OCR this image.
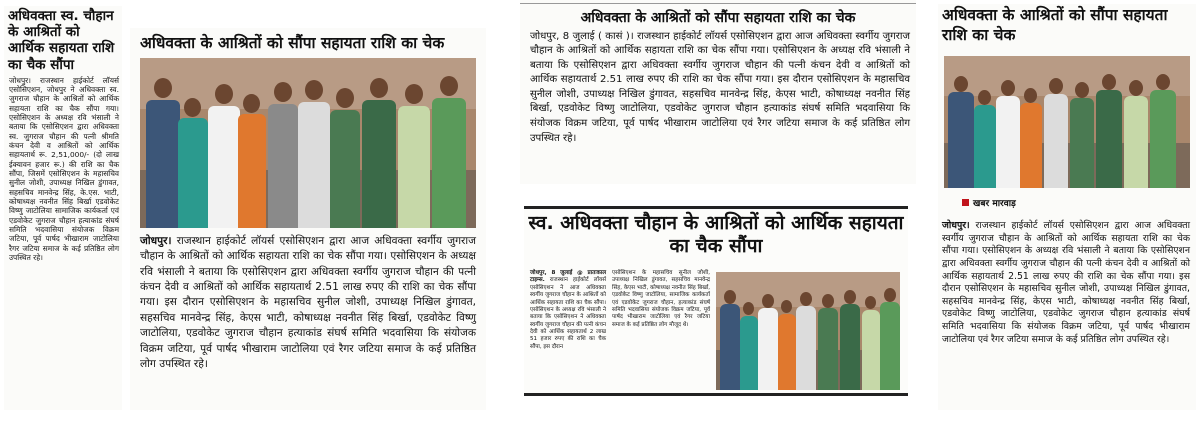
अधिवक्ता स्व. चौहान के आश्रितों को आर्थिक सहायता राशि का चैक सौंपा

जोधपुर। राजस्थान हाईकोर्ट लॉयर्स एसोसिएशन, जोधपुर ने अधिवक्ता स्व. जुगराज चौहान के आश्रितों को आर्थिक सहायता राशि का चैक सौंपा गया। एसोसिएशन के अध्यक्ष रवि भंसाली ने बताया कि एसोसिएशन द्वारा अधिवक्ता स्व. जुगराज चौहान की पत्नी श्रीमति कंचन देवी व आश्रितों को आर्थिक सहायतार्थ रू. 2,51,000/- (दो लाख ईक्यावन हजार रू.) की राशि का चैक सौंपा, जिसमें एसोसिएशन के महासचिव सुनील जोशी, उपाध्यक्ष निखिल डुंगावत, सहसचिव मानवेन्द्र सिंह, के.एस. भाटी, कोषाध्यक्ष नवनीत सिंह बिर्खा एडवोकेट विष्णु जाटोलिया सामाजिक कार्यकर्ता एवं एडवोकेट जुगराज चौहान हत्याकांड संघर्ष समिति भदवासिया संयोजक विक्रम जटिया, पूर्व पार्षद भीखाराम जाटोलिया रैगर जटिया समाज के कई प्रतिष्ठित लोग उपस्थित रहे।

अधिवक्ता के आश्रितों को सौंपा सहायता राशि का चेक

जोधपुर। राजस्थान हाईकोर्ट लॉयर्स एसोसिएशन द्वारा आज अधिवक्ता स्वर्गीय जुगराज चौहान के आश्रितों को आर्थिक सहायता राशि का चेक सौंपा गया। एसोसिएशन के अध्यक्ष रवि भंसाली ने बताया कि एसोसिएशन द्वारा अधिवक्ता स्वर्गीय जुगराज चौहान की पत्नी कंचन देवी व आश्रितों को आर्थिक सहायतार्थ 2.51 लाख रुपए की राशि का चेक सौंपा गया। इस दौरान एसोसिएशन के महासचिव सुनील जोशी, उपाध्यक्ष निखिल डुंगावत, सहसचिव मानवेन्द्र सिंह, केएस भाटी, कोषाध्यक्ष नवनीत सिंह बिर्खा, एडवोकेट विष्णु जाटोलिया, एडवोकेट जुगराज चौहान हत्याकांड संघर्ष समिति भदवासिया कि संयोजक विक्रम जटिया, पूर्व पार्षद भीखाराम जाटोलिया एवं रैगर जटिया समाज के कई प्रतिष्ठित लोग उपस्थित रहे।

अधिवक्ता के आश्रितों को सौंपा सहायता राशि का चेक

जोधपुर, 8 जुलाई ( कासं )। राजस्थान हाईकोर्ट लॉयर्स एसोसिएशन द्वारा आज अधिवक्ता स्वर्गीय जुगराज चौहान के आश्रितों को आर्थिक सहायता राशि का चेक सौंपा गया। एसोसिएशन के अध्यक्ष रवि भंसाली ने बताया कि एसोसिएशन द्वारा अधिवक्ता स्वर्गीय जुगराज चौहान की पत्नी कंचन देवी व आश्रितों को आर्थिक सहायतार्थ 2.51 लाख रुपए की राशि का चेक सौंपा गया। इस दौरान एसोसिएशन के महासचिव सुनील जोशी, उपाध्यक्ष निखिल डुंगावत, सहसचिव मानवेन्द्र सिंह, केएस भाटी, कोषाध्यक्ष नवनीत सिंह बिर्खा, एडवोकेट विष्णु जाटोलिया, एडवोकेट जुगराज चौहान हत्याकांड संघर्ष समिति भदवासिया कि संयोजक विक्रम जटिया, पूर्व पार्षद भीखाराम जाटोलिया एवं रैगर जटिया समाज के कई प्रतिष्ठित लोग उपस्थित रहे।

स्व. अधिवक्ता चौहान के आश्रितों को आर्थिक सहायता का चैक सौंपा
जोधपुर, 8 जुलाई @ प्रातःकाल टाइम्स. राजस्थान हाईकोर्ट लॉयर्स एसोसिएशन ने आज अधिवक्ता स्वर्गीय जुगराज चौहान के आश्रितों को आर्थिक सहायता राशि का चैक सौंपा। एसोसिएशन के अध्यक्ष रवि भंसाली ने बताया कि एसोसिएशन ने अधिवक्ता स्वर्गीय जुगराज चौहान की पत्नी कंचन देवी को आर्थिक सहायतार्थ 2 लाख 51 हजार रुपए की राशि का चैक सौंपा, इस दौरान
एसोसिएशन के महासचिव सुनील जोशी, उपाध्यक्ष निखिल डुंगावत, सहसचिव मानवेन्द्र सिंह, केएस भाटी, कोषाध्यक्ष नवनीत सिंह बिर्खा, एडवोकेट विष्णु जाटोलिया, सामाजिक कार्यकर्ता एवं एडवोकेट जुगराज चौहान, हत्याकांड संघर्ष समिति भदवासिया संयोजक विक्रम जटिया, पूर्व पार्षद भीखाराम जाटोलिया एवं रैगर जटिया समाज के कई प्रतिष्ठित लोग मौजूद थे।
अधिवक्ता के आश्रितों को सौंपा सहायता राशि का चेक
खबर मारवाड़

जोधपुर। राजस्थान हाईकोर्ट लॉयर्स एसोसिएशन द्वारा आज अधिवक्ता स्वर्गीय जुगराज चौहान के आश्रितों को आर्थिक सहायता राशि का चेक सौंपा गया। एसोसिएशन के अध्यक्ष रवि भंसाली ने बताया कि एसोसिएशन द्वारा अधिवक्ता स्वर्गीय जुगराज चौहान की पत्नी कंचन देवी व आश्रितों को आर्थिक सहायतार्थ 2.51 लाख रुपए की राशि का चेक सौंपा गया। इस दौरान एसोसिएशन के महासचिव सुनील जोशी, उपाध्यक्ष निखिल डुंगावत, सहसचिव मानवेन्द्र सिंह, केएस भाटी, कोषाध्यक्ष नवनीत सिंह बिर्खा, एडवोकेट विष्णु जाटोलिया, एडवोकेट जुगराज चौहान हत्याकांड संघर्ष समिति भदवासिया कि संयोजक विक्रम जटिया, पूर्व पार्षद भीखाराम जाटोलिया एवं रैगर जटिया समाज के कई प्रतिष्ठित लोग उपस्थित रहे।
